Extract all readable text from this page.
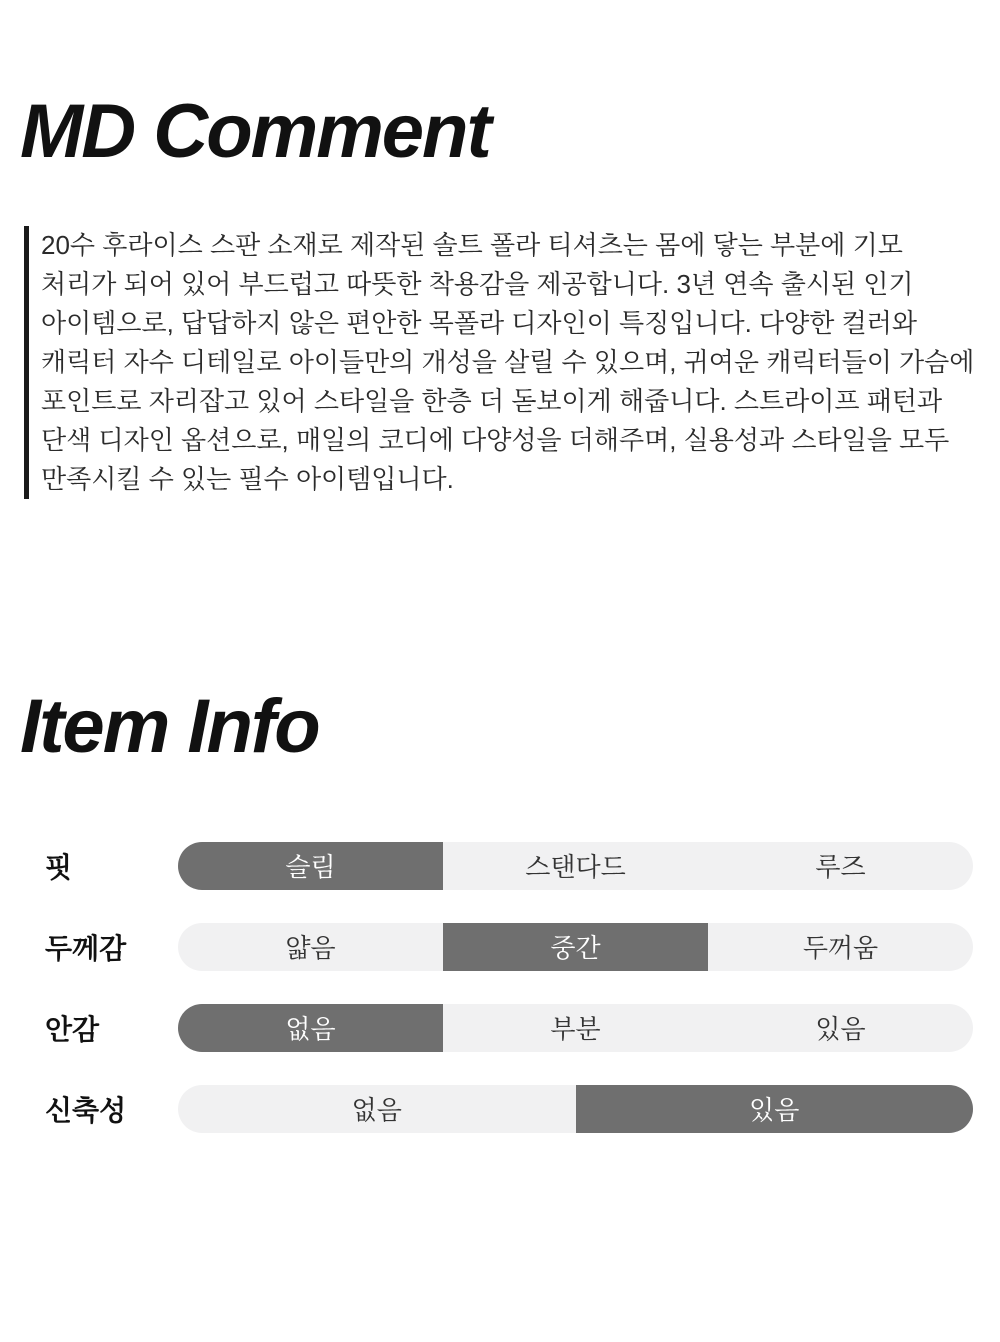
MD Comment

20수 후라이스 스판 소재로 제작된 솔트 폴라 티셔츠는 몸에 닿는 부분에 기모 처리가 되어 있어 부드럽고 따뜻한 착용감을 제공합니다. 3년 연속 출시된 인기 아이템으로, 답답하지 않은 편안한 목폴라 디자인이 특징입니다. 다양한 컬러와 캐릭터 자수 디테일로 아이들만의 개성을 살릴 수 있으며, 귀여운 캐릭터들이 가슴에 포인트로 자리잡고 있어 스타일을 한층 더 돋보이게 해줍니다. 스트라이프 패턴과 단색 디자인 옵션으로, 매일의 코디에 다양성을 더해주며, 실용성과 스타일을 모두 만족시킬 수 있는 필수 아이템입니다.

Item Info
핏	슬림	스탠다드	루즈
두께감	얇음	중간	두꺼움
안감	없음	부분	있음
신축성	없음	있음
